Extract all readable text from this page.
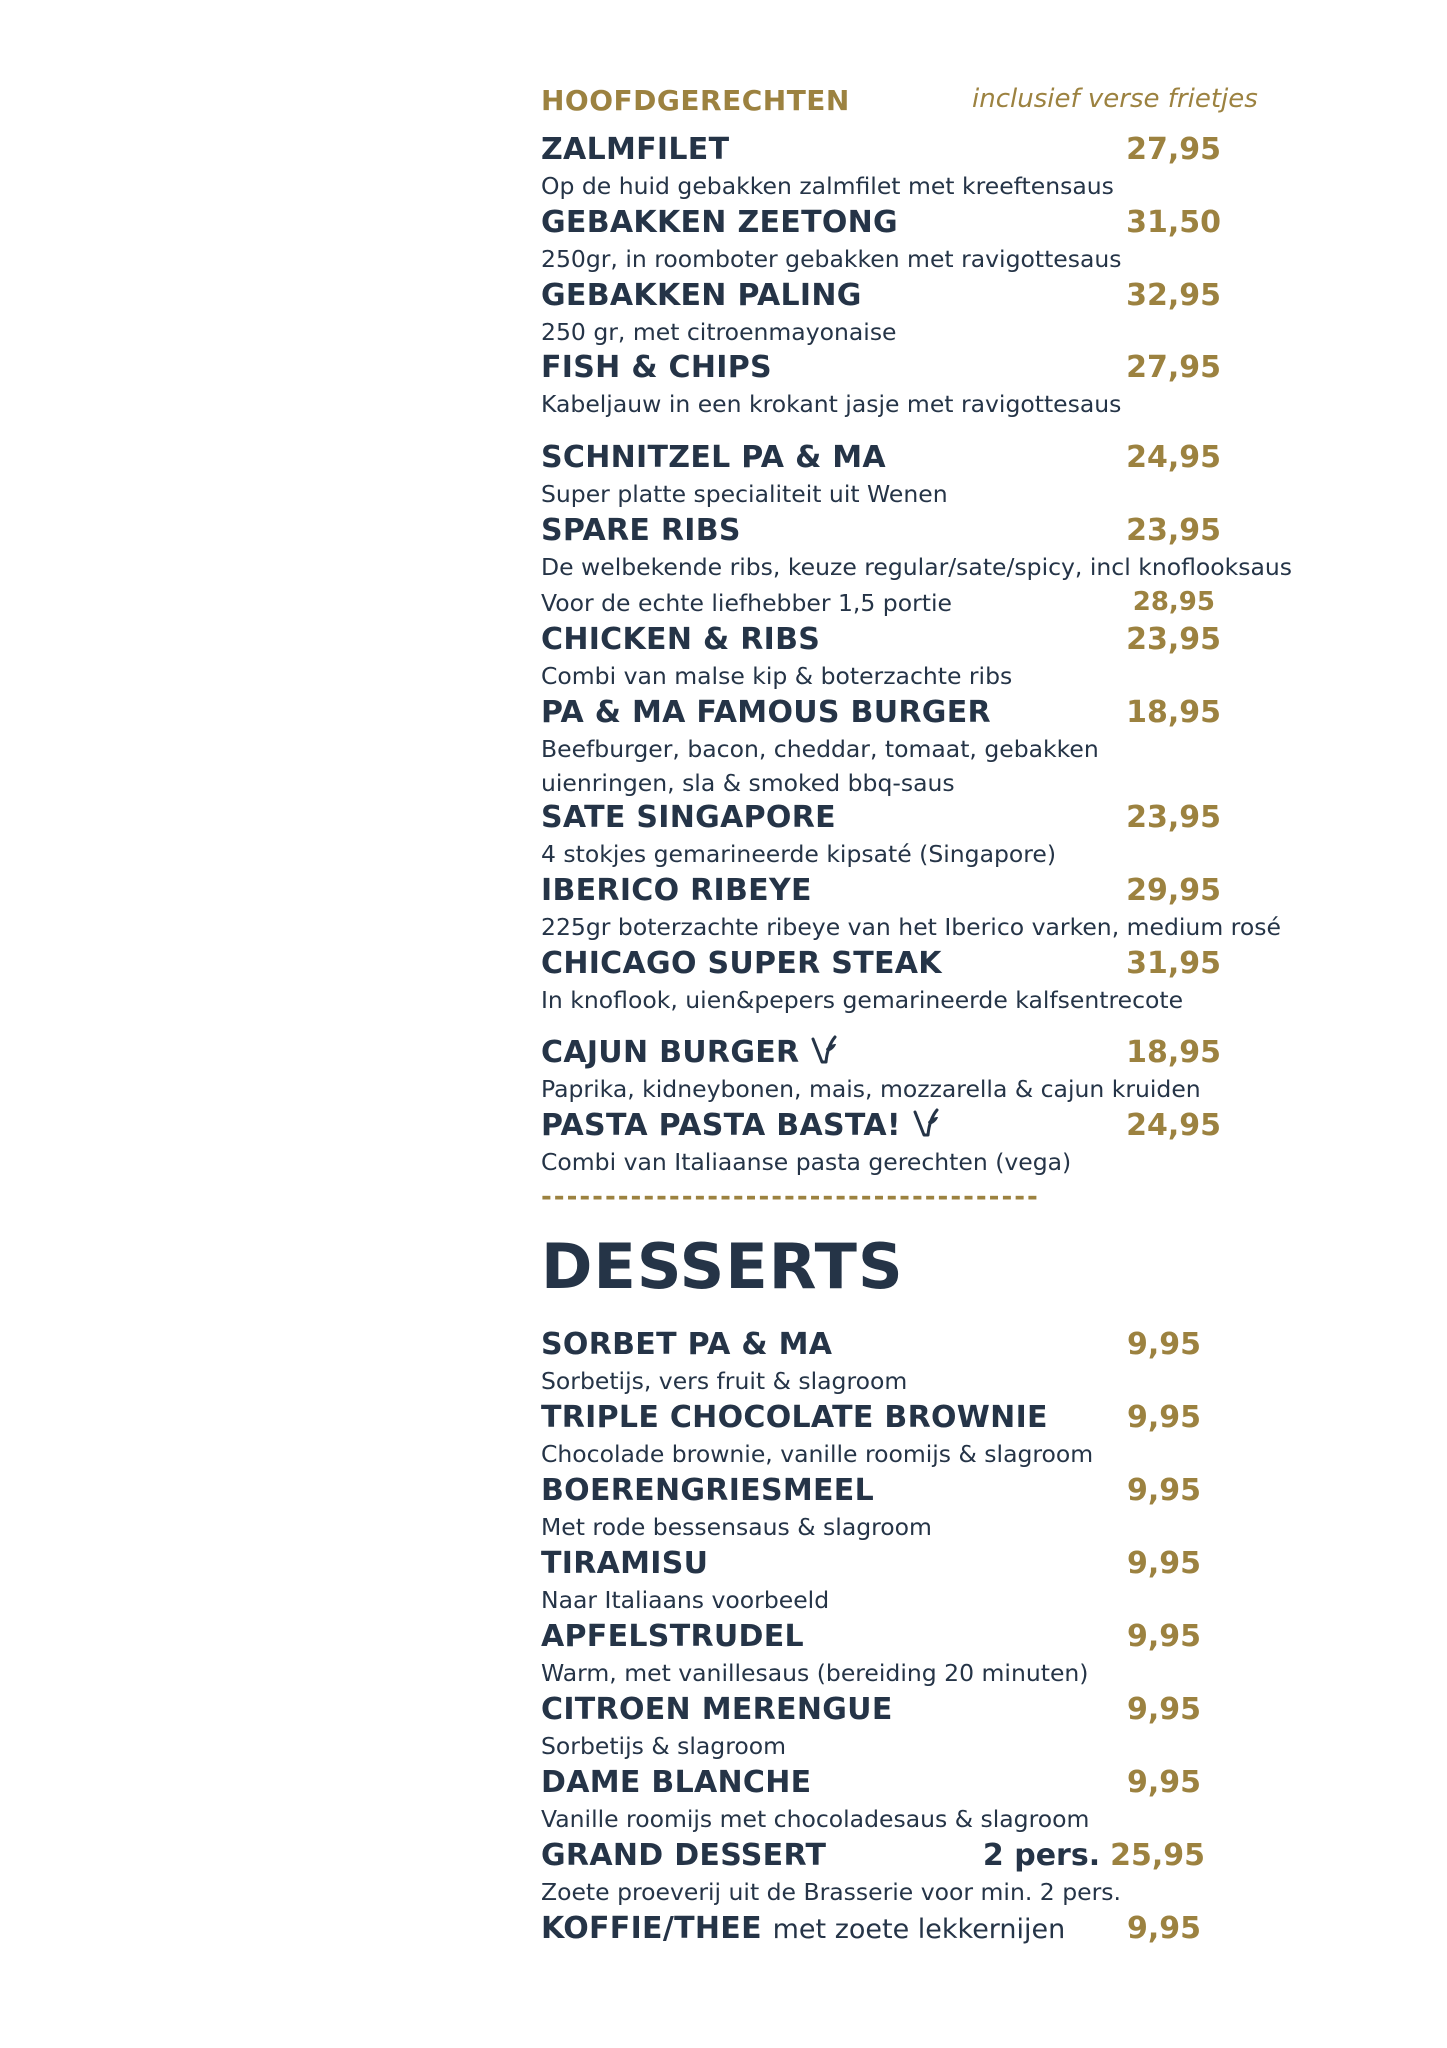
HOOFDGERECHTEN	inclusief verse frietjes
ZALMFILET	27,95
Op de huid gebakken zalmfilet met kreeftensaus
GEBAKKEN ZEETONG	31,50
250gr, in roomboter gebakken met ravigottesaus
GEBAKKEN PALING	32,95
250 gr, met citroenmayonaise
FISH & CHIPS	27,95
Kabeljauw in een krokant jasje met ravigottesaus
SCHNITZEL PA & MA	24,95
Super platte specialiteit uit Wenen
SPARE RIBS	23,95
De welbekende ribs, keuze regular/sate/spicy, incl knoflooksaus
Voor de echte liefhebber 1,5 portie	28,95
CHICKEN & RIBS	23,95
Combi van malse kip & boterzachte ribs
PA & MA FAMOUS BURGER	18,95
Beefburger, bacon, cheddar, tomaat, gebakken
uienringen, sla & smoked bbq-saus
SATE SINGAPORE	23,95
4 stokjes gemarineerde kipsaté (Singapore)
IBERICO RIBEYE	29,95
225gr boterzachte ribeye van het Iberico varken, medium rosé
CHICAGO SUPER STEAK	31,95
In knoflook, uien&pepers gemarineerde kalfsentrecote
CAJUN BURGER	18,95
Paprika, kidneybonen, mais, mozzarella & cajun kruiden
PASTA PASTA BASTA!	24,95
Combi van Italiaanse pasta gerechten (vega)
---------------------------------------
DESSERTS
SORBET PA & MA	9,95
Sorbetijs, vers fruit & slagroom
TRIPLE CHOCOLATE BROWNIE	9,95
Chocolade brownie, vanille roomijs & slagroom
BOERENGRIESMEEL	9,95
Met rode bessensaus & slagroom
TIRAMISU	9,95
Naar Italiaans voorbeeld
APFELSTRUDEL	9,95
Warm, met vanillesaus (bereiding 20 minuten)
CITROEN MERENGUE	9,95
Sorbetijs & slagroom
DAME BLANCHE	9,95
Vanille roomijs met chocoladesaus & slagroom
GRAND DESSERT	2 pers. 25,95
Zoete proeverij uit de Brasserie voor min. 2 pers.
KOFFIE/THEE met zoete lekkernijen 9,95
